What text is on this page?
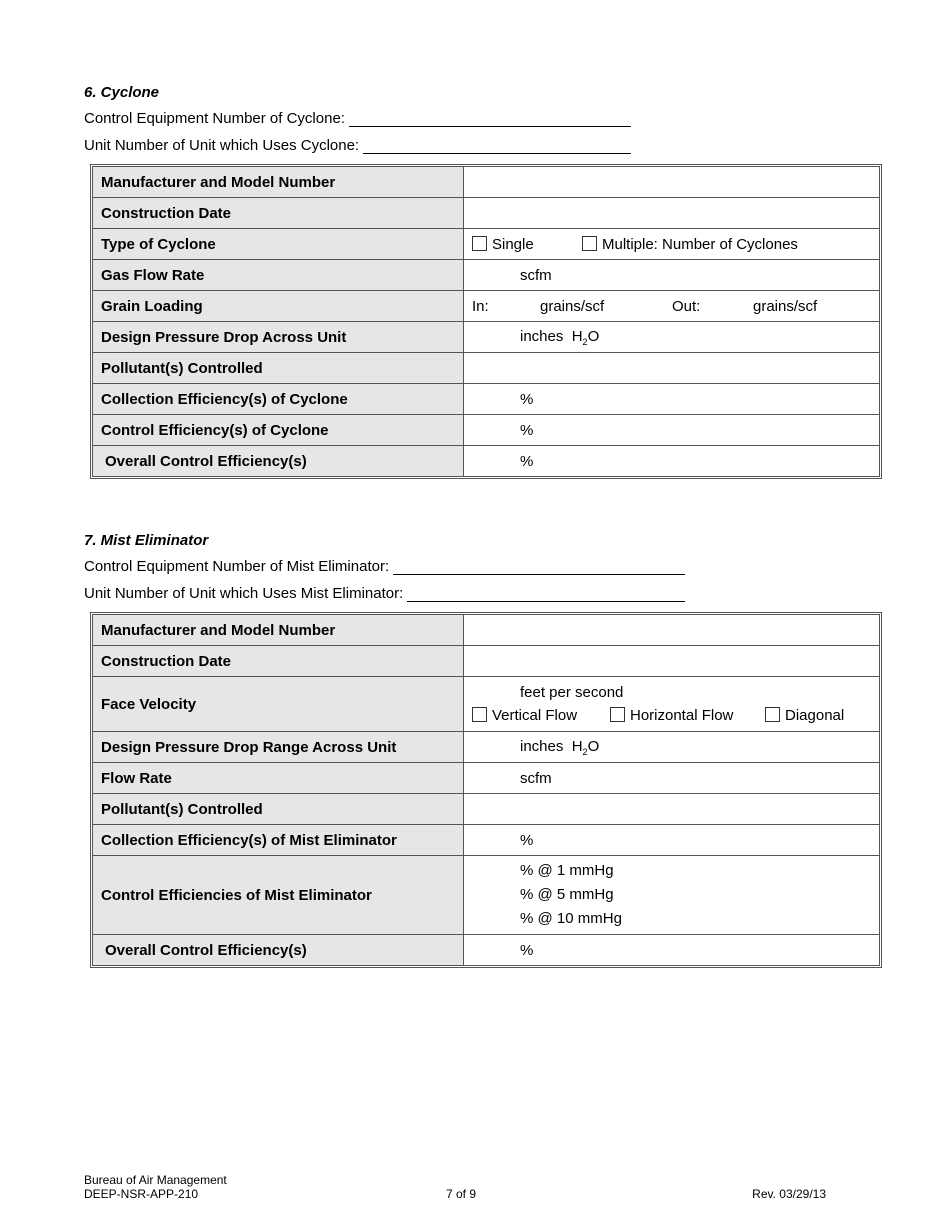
6. Cyclone
Control Equipment Number of Cyclone:
Unit Number of Unit which Uses Cyclone:
Manufacturer and Model Number	
Construction Date	
Type of Cyclone	Single Multiple: Number of Cyclones
Gas Flow Rate	scfm
Grain Loading	In: grains/scf Out: grains/scf
Design Pressure Drop Across Unit	inches $H_2O$
Pollutant(s) Controlled	
Collection Efficiency(s) of Cyclone	%
Control Efficiency(s) of Cyclone	%
Overall Control Efficiency(s)	%
7. Mist Eliminator
Control Equipment Number of Mist Eliminator:
Unit Number of Unit which Uses Mist Eliminator:
Manufacturer and Model Number	
Construction Date	
Face Velocity	feet per second
Vertical Flow Horizontal Flow Diagonal

Design Pressure Drop Range Across Unit	inches $H_2O$
Flow Rate	scfm
Pollutant(s) Controlled	
Collection Efficiency(s) of Mist Eliminator	%
Control Efficiencies of Mist Eliminator	% @ 1 mmHg
% @ 5 mmHg
% @ 10 mmHg

Overall Control Efficiency(s)	%
Bureau of Air Management
DEEP-NSR-APP-210	7 of 9	Rev. 03/29/13
